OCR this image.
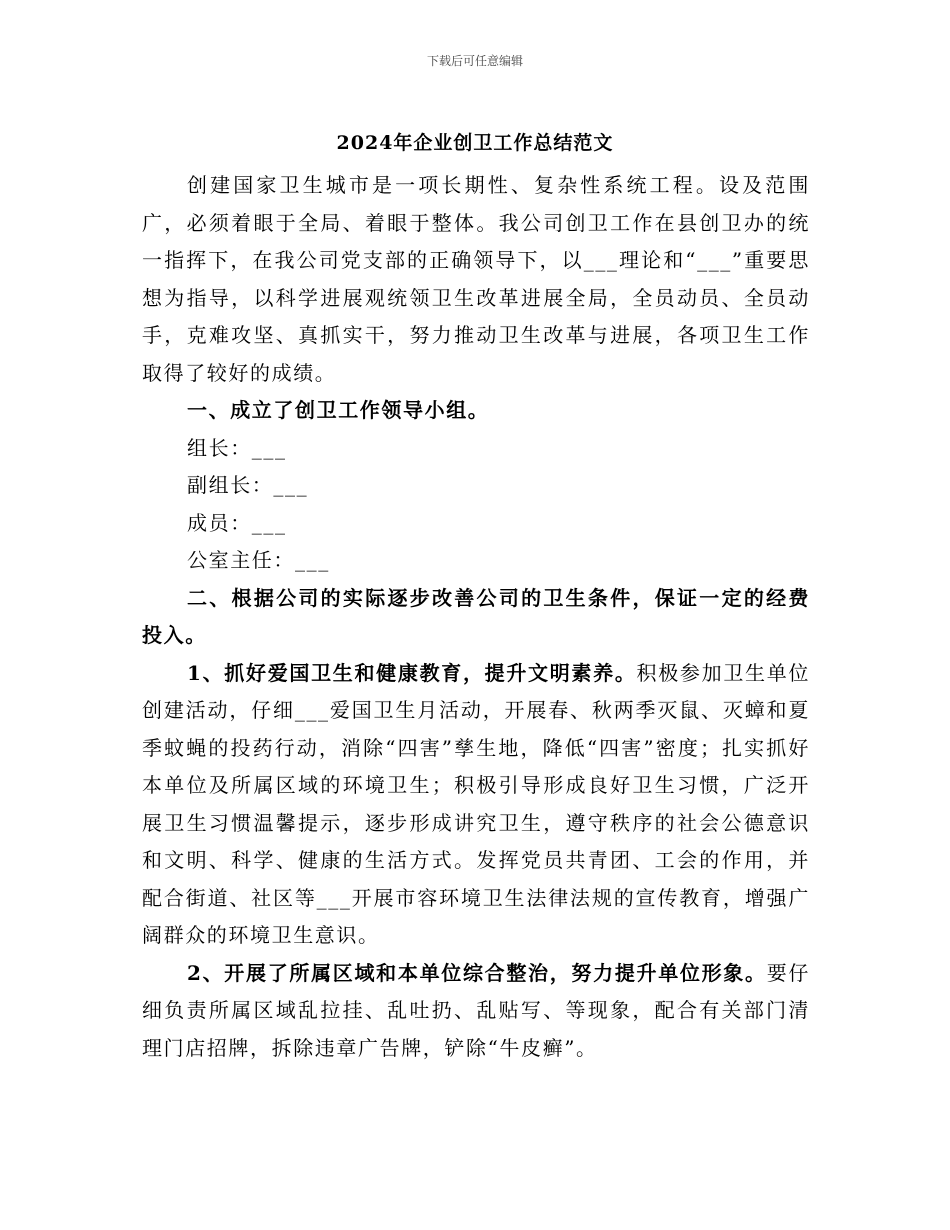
下载后可任意编辑
2024年企业创卫工作总结范文

创建国家卫生城市是一项长期性、复杂性系统工程。设及范围广，必须着眼于全局、着眼于整体。我公司创卫工作在县创卫办的统一指挥下，在我公司党支部的正确领导下，以___理论和“___”重要思想为指导，以科学进展观统领卫生改革进展全局，全员动员、全员动手，克难攻坚、真抓实干，努力推动卫生改革与进展，各项卫生工作取得了较好的成绩。

一、成立了创卫工作领导小组。

组长：___

副组长：___

成员：___

公室主任：___

二、根据公司的实际逐步改善公司的卫生条件，保证一定的经费投入。

1、抓好爱国卫生和健康教育，提升文明素养。积极参加卫生单位创建活动，仔细___爱国卫生月活动，开展春、秋两季灭鼠、灭蟑和夏季蚊蝇的投药行动，消除“四害”孳生地，降低“四害”密度；扎实抓好本单位及所属区域的环境卫生；积极引导形成良好卫生习惯，广泛开展卫生习惯温馨提示，逐步形成讲究卫生，遵守秩序的社会公德意识和文明、科学、健康的生活方式。发挥党员共青团、工会的作用，并配合街道、社区等___开展市容环境卫生法律法规的宣传教育，增强广阔群众的环境卫生意识。

2、开展了所属区域和本单位综合整治，努力提升单位形象。要仔细负责所属区域乱拉挂、乱吐扔、乱贴写、等现象，配合有关部门清理门店招牌，拆除违章广告牌，铲除“牛皮癣”。
